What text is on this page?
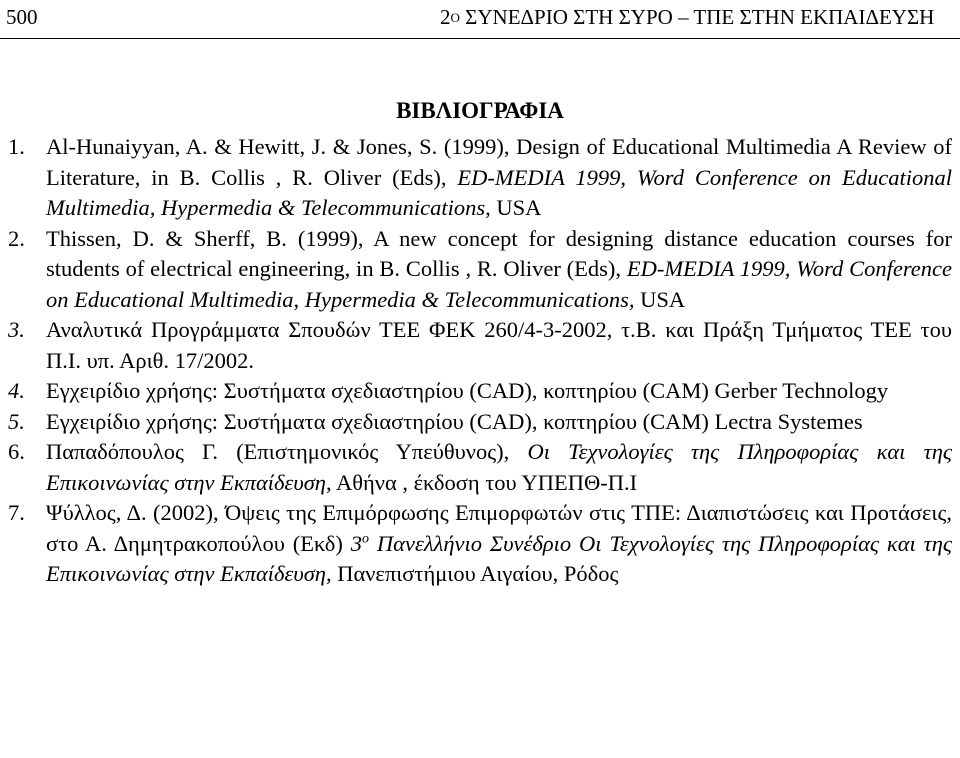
500	$2^O$ ΣΥΝΕΔΡΙΟ ΣΤΗ ΣΥΡΟ – ΤΠΕ ΣΤΗΝ ΕΚΠΑΙΔΕΥΣΗ
ΒΙΒΛΙΟΓΡΑΦΙΑ
1. Al-Hunaiyyan, A. & Hewitt, J. & Jones, S. (1999), Design of Educational Multimedia A Review of Literature, in B. Collis , R. Oliver (Eds), ED-MEDIA 1999, Word Conference on Educational Multimedia, Hypermedia & Telecommunications, USA
2. Thissen, D. & Sherff, B. (1999), A new concept for designing distance education courses for students of electrical engineering, in B. Collis , R. Oliver (Eds), ED-MEDIA 1999, Word Conference on Educational Multimedia, Hypermedia & Telecommunications, USA
3. Αναλυτικά Προγράμματα Σπουδών ΤΕΕ ΦΕΚ 260/4-3-2002, τ.Β. και Πράξη Τμήματος ΤΕΕ του Π.Ι. υπ. Αριθ. 17/2002.
4. Εγχειρίδιο χρήσης: Συστήματα σχεδιαστηρίου (CAD), κοπτηρίου (CAM) Gerber Technology
5. Εγχειρίδιο χρήσης: Συστήματα σχεδιαστηρίου (CAD), κοπτηρίου (CAM) Lectra Systemes
6. Παπαδόπουλος Γ. (Επιστημονικός Υπεύθυνος), Οι Τεχνολογίες της Πληροφορίας και της Επικοινωνίας στην Εκπαίδευση, Αθήνα , έκδοση του ΥΠΕΠΘ-Π.Ι
7. Ψύλλος, Δ. (2002), Όψεις της Επιμόρφωσης Επιμορφωτών στις ΤΠΕ: Διαπιστώσεις και Προτάσεις, στο Α. Δημητρακοπούλου (Εκδ) $3^o$ Πανελλήνιο Συνέδριο Οι Τεχνολογίες της Πληροφορίας και της Επικοινωνίας στην Εκπαίδευση, Πανεπιστήμιου Αιγαίου, Ρόδος
